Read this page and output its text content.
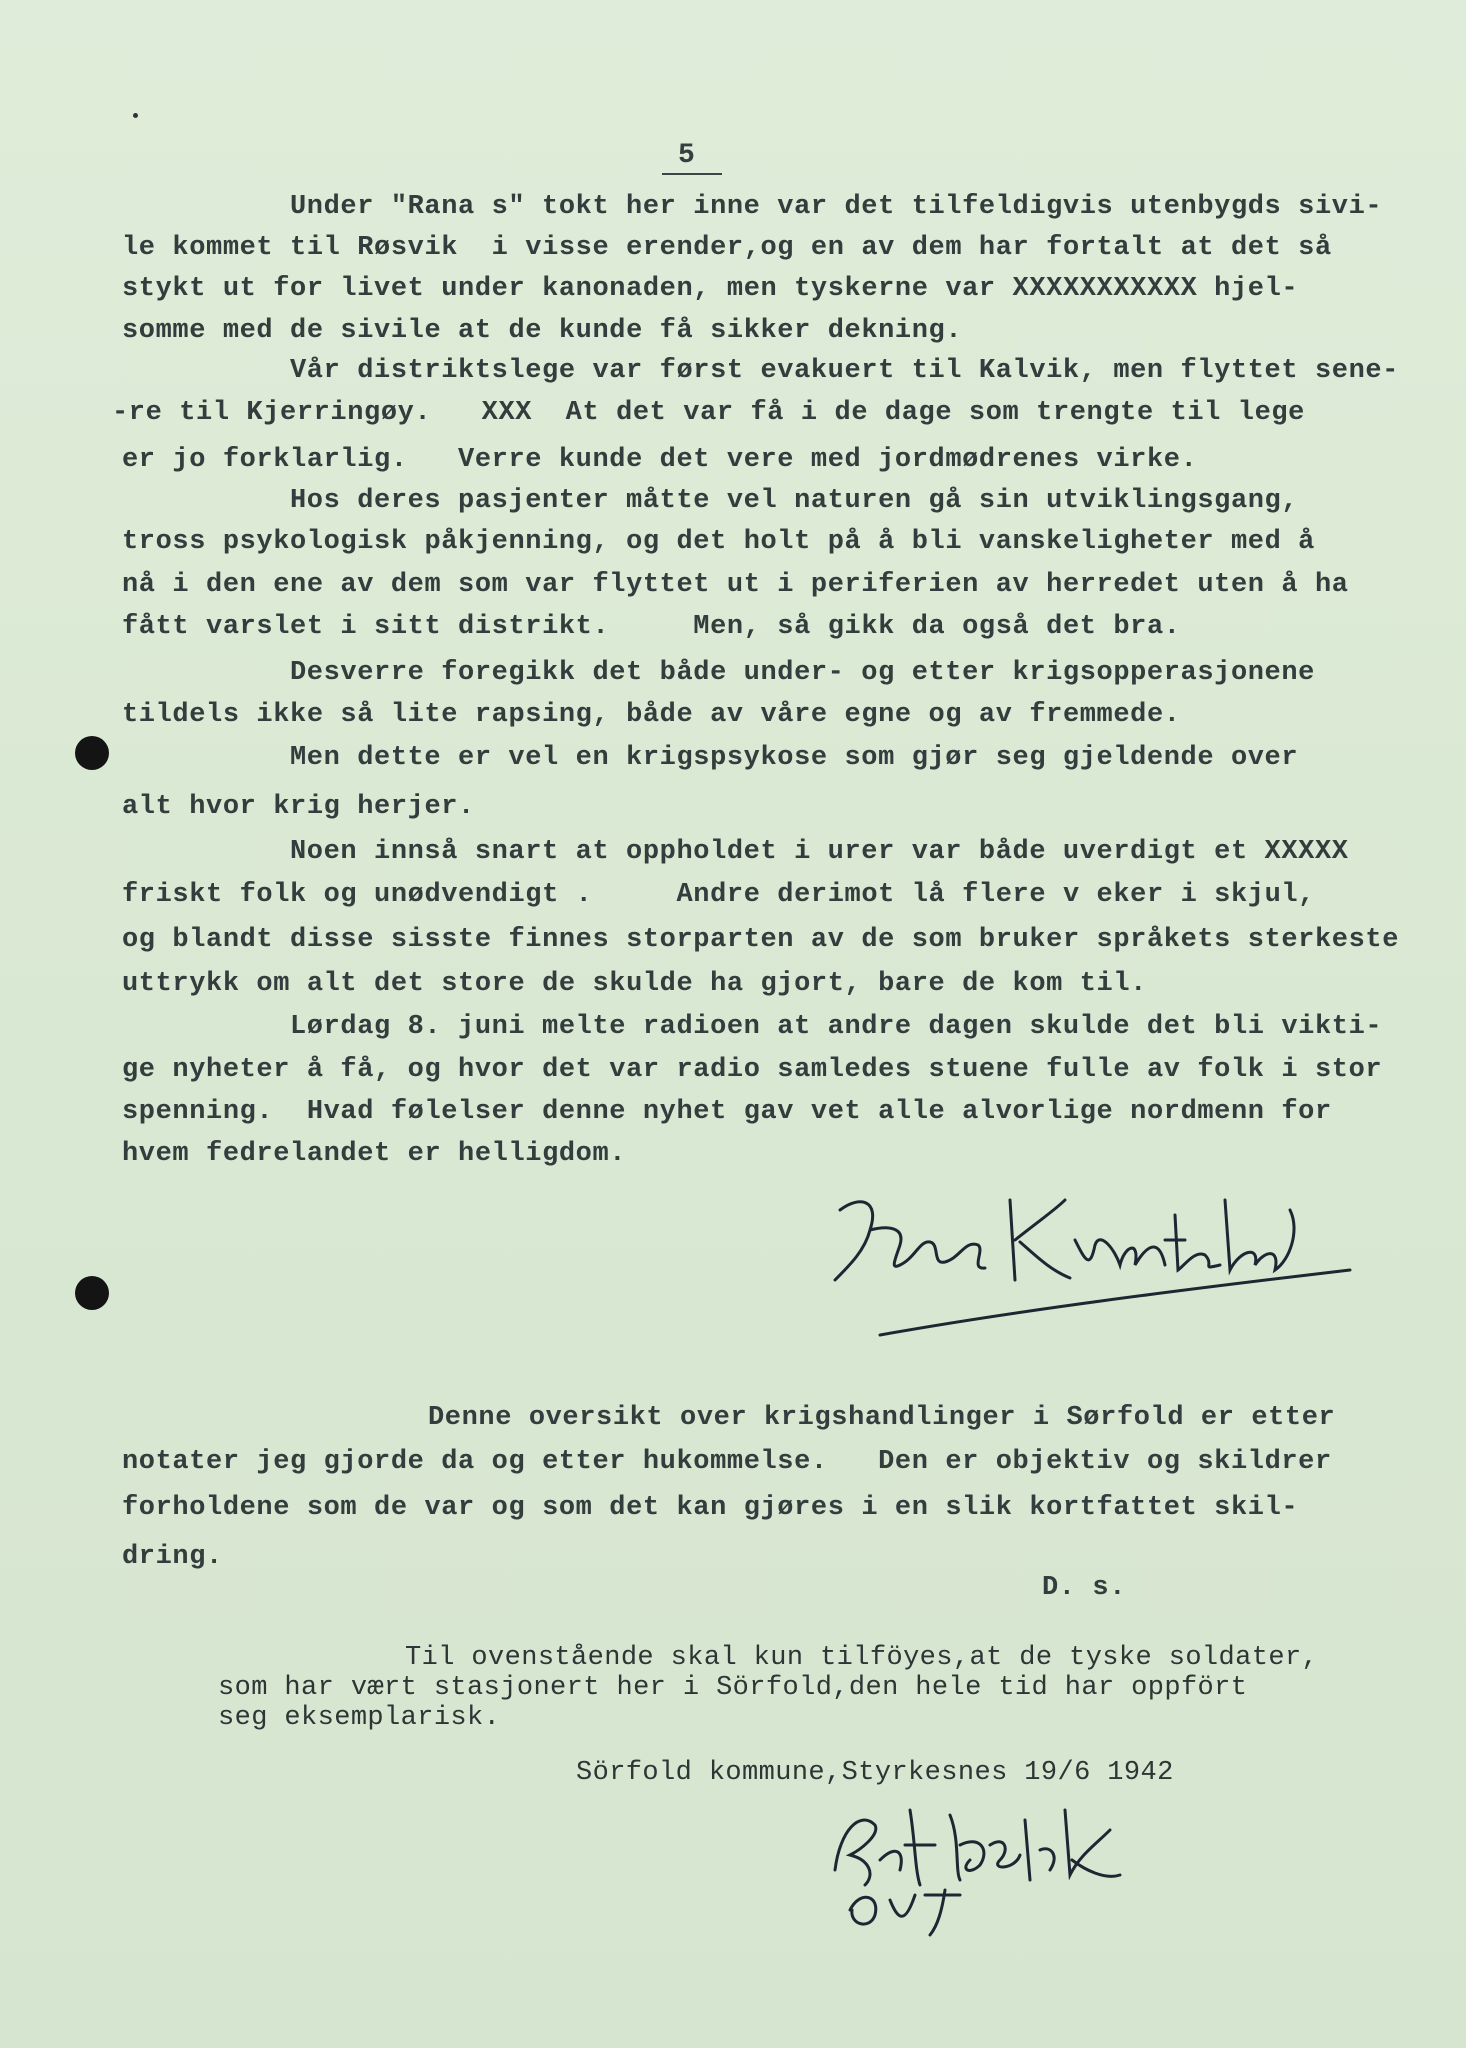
5
Under "Rana s" tokt her inne var det tilfeldigvis utenbygds sivi-
le kommet til Røsvik  i visse erender,og en av dem har fortalt at det så
stykt ut for livet under kanonaden, men tyskerne var XXXXXXXXXXX hjel-
somme med de sivile at de kunde få sikker dekning.
Vår distriktslege var først evakuert til Kalvik, men flyttet sene-
-re til Kjerringøy.   XXX  At det var få i de dage som trengte til lege
er jo forklarlig.   Verre kunde det vere med jordmødrenes virke.
Hos deres pasjenter måtte vel naturen gå sin utviklingsgang,
tross psykologisk påkjenning, og det holt på å bli vanskeligheter med å
nå i den ene av dem som var flyttet ut i periferien av herredet uten å ha
fått varslet i sitt distrikt.     Men, så gikk da også det bra.
Desverre foregikk det både under- og etter krigsopperasjonene
tildels ikke så lite rapsing, både av våre egne og av fremmede.
Men dette er vel en krigspsykose som gjør seg gjeldende over
alt hvor krig herjer.
Noen innså snart at oppholdet i urer var både uverdigt et XXXXX
friskt folk og unødvendigt .     Andre derimot lå flere v eker i skjul,
og blandt disse sisste finnes storparten av de som bruker språkets sterkeste
uttrykk om alt det store de skulde ha gjort, bare de kom til.
Lørdag 8. juni melte radioen at andre dagen skulde det bli vikti-
ge nyheter å få, og hvor det var radio samledes stuene fulle av folk i stor
spenning.  Hvad følelser denne nyhet gav vet alle alvorlige nordmenn for
hvem fedrelandet er helligdom.
Lydec Kvantoland
Denne oversikt over krigshandlinger i Sørfold er etter
notater jeg gjorde da og etter hukommelse.   Den er objektiv og skildrer
forholdene som de var og som det kan gjøres i en slik kortfattet skil-
dring.
D. s.
Til ovenstående skal kun tilföyes,at de tyske soldater,
som har vært stasjonert her i Sörfold,den hele tid har oppfört
seg eksemplarisk.
Sörfold kommune,Styrkesnes 19/6 1942
Rafdestvik Ovf.
